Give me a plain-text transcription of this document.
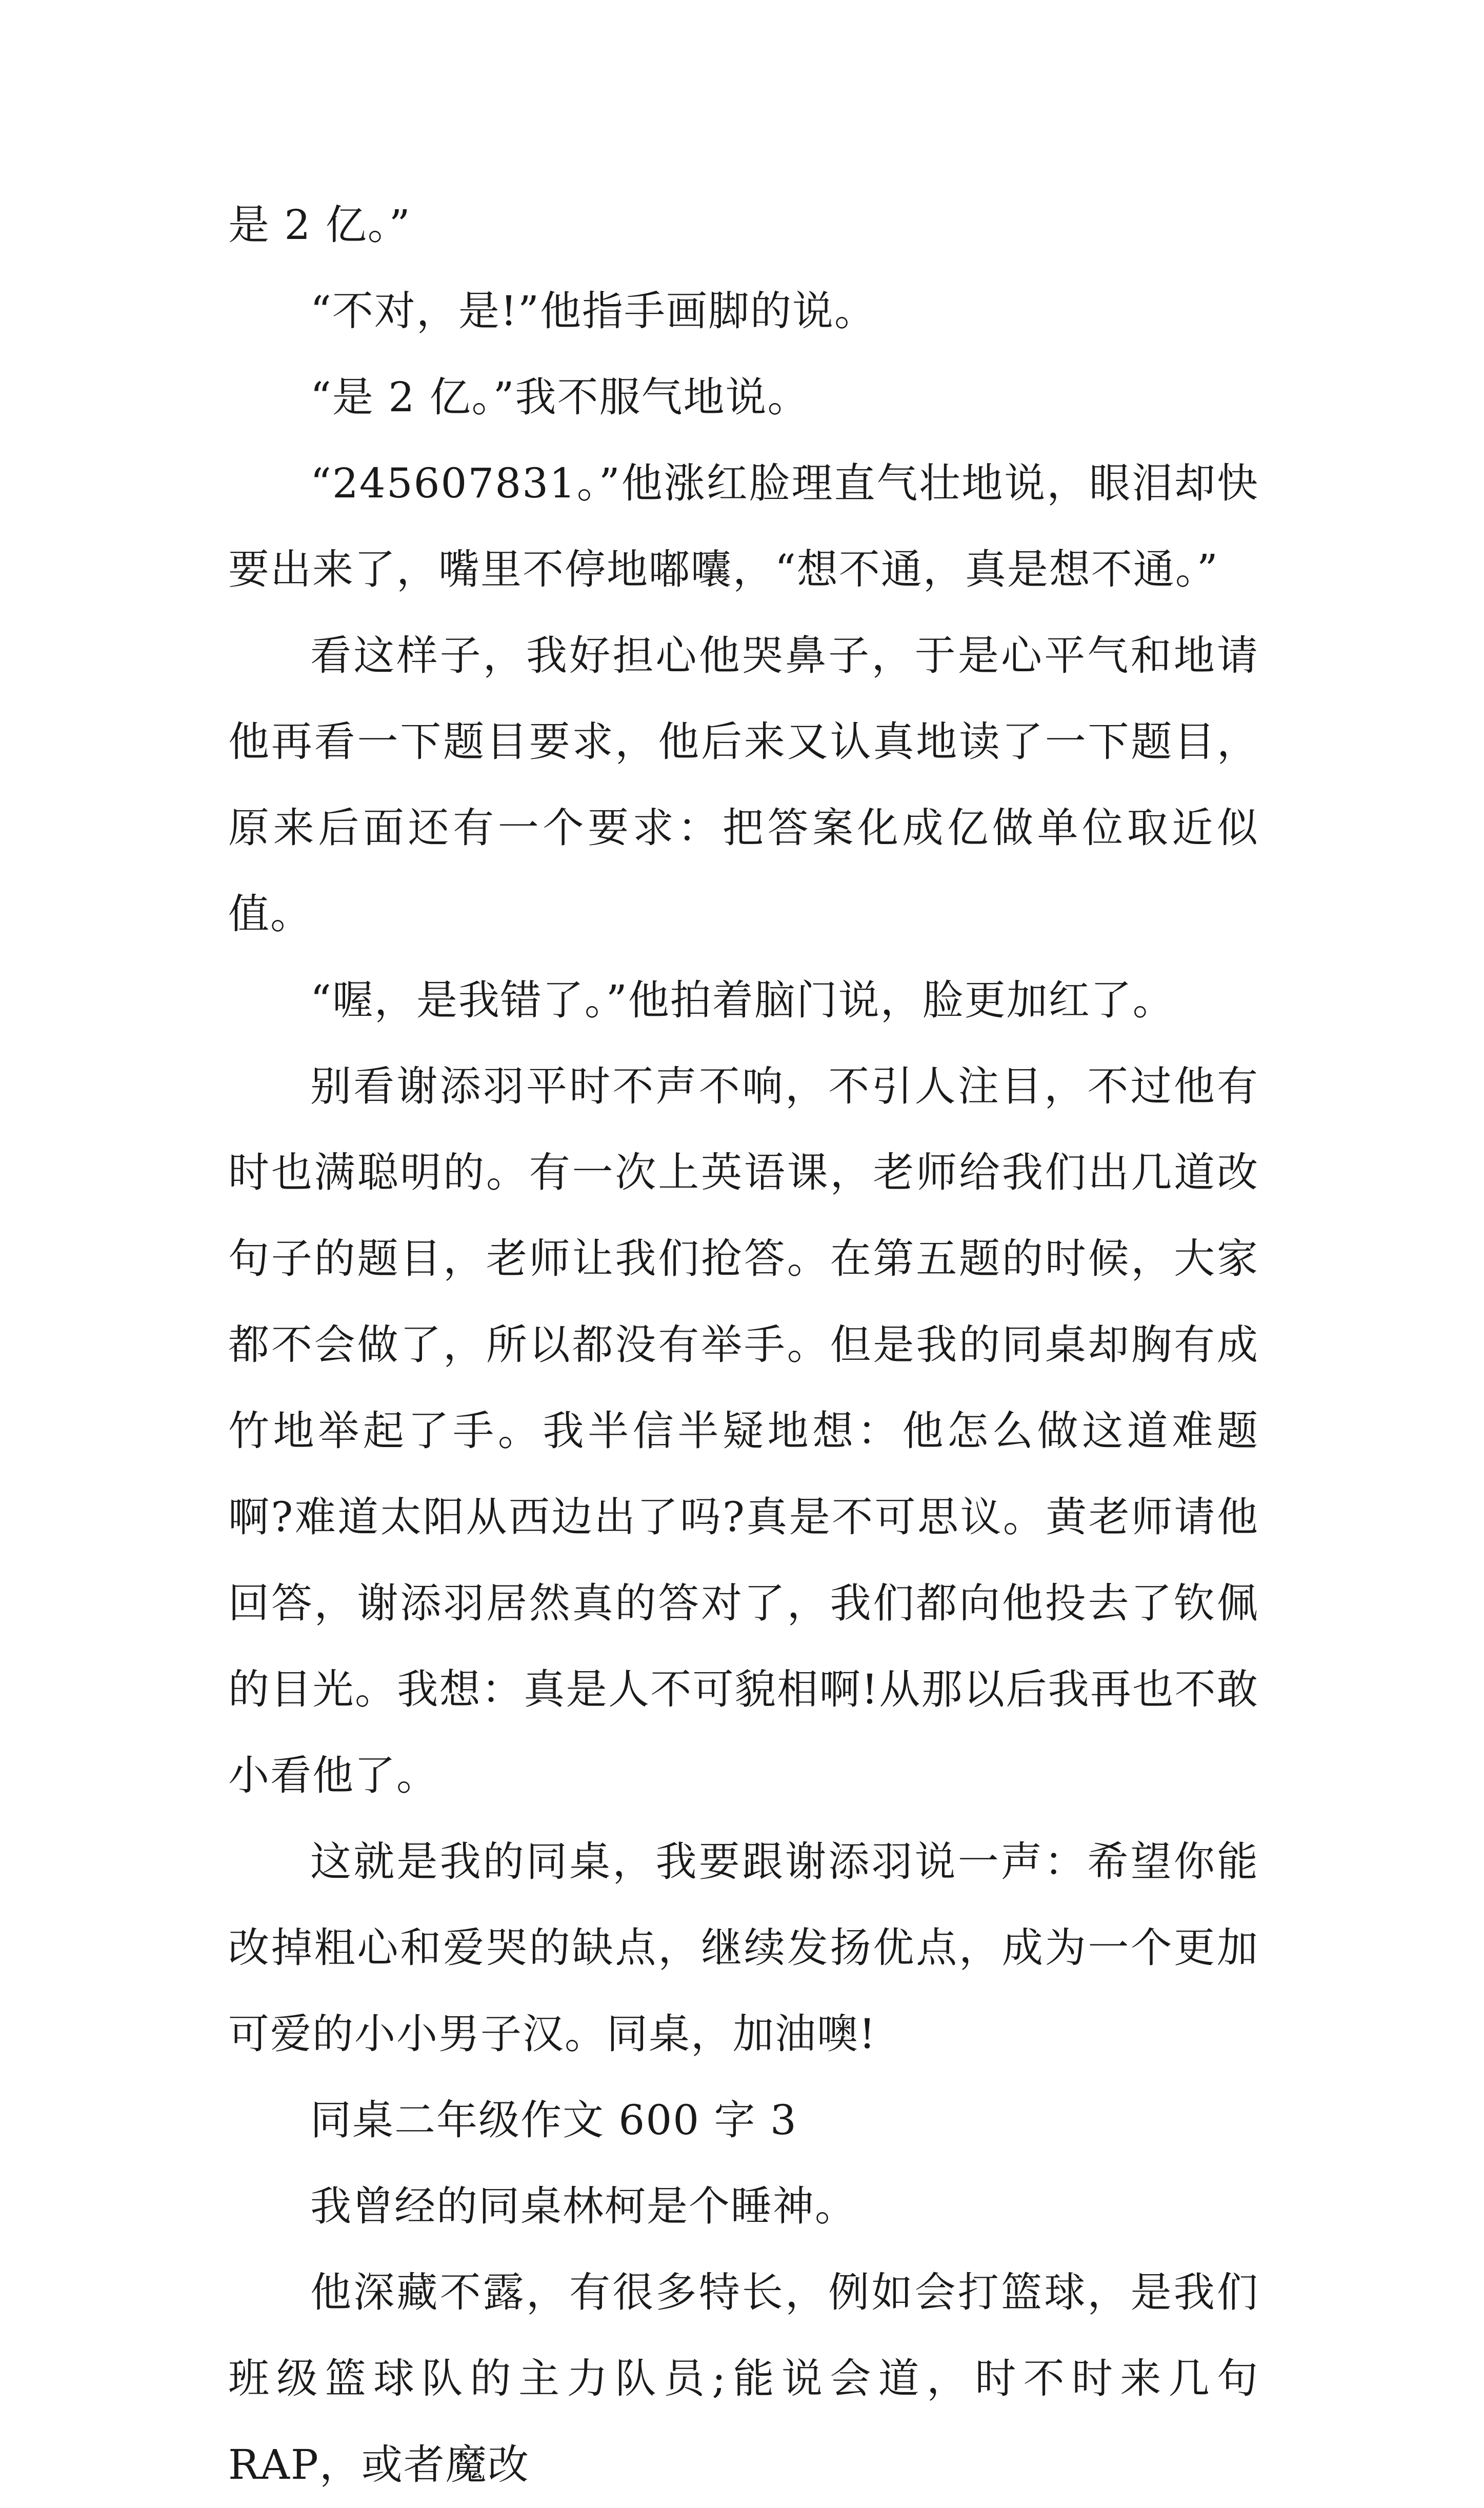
是 2 亿。”

“不对，是!”他指手画脚的说。

“是 2 亿。”我不服气地说。

“245607831。”他涨红脸理直气壮地说，眼泪却快要出来了，嘴里不停地嘟囔，“想不通，真是想不通。”

看这样子，我好担心他哭鼻子，于是心平气和地请他再看一下题目要求，他后来又认真地读了一下题目，原来后面还有一个要求：把答案化成亿做单位取近似值。

“喔，是我错了。”他拍着脑门说，脸更加红了。

别看谢添羽平时不声不响，不引人注目，不过他有时也满聪明的。有一次上英语课，老师给我们出几道改句子的题目，老师让我们抢答。在第五题的时候，大家都不会做了，所以都没有举手。但是我的同桌却胸有成竹地举起了手。我半信半疑地想：他怎么做这道难题啊?难道太阳从西边出了吗?真是不可思议。黄老师请他回答，谢添羽居然真的答对了，我们都向他投去了钦佩的目光。我想：真是人不可貌相啊!从那以后我再也不敢小看他了。

这就是我的同桌，我要跟谢添羽说一声：希望你能改掉粗心和爱哭的缺点，继续发扬优点，成为一个更加可爱的小小男子汉。同桌，加油噢!

同桌二年级作文 600 字 3

我曾经的同桌林柯是个睡神。

他深藏不露，有很多特长，例如会打篮球，是我们班级篮球队的主力队员;能说会道，时不时来几句 RAP，或者魔改
